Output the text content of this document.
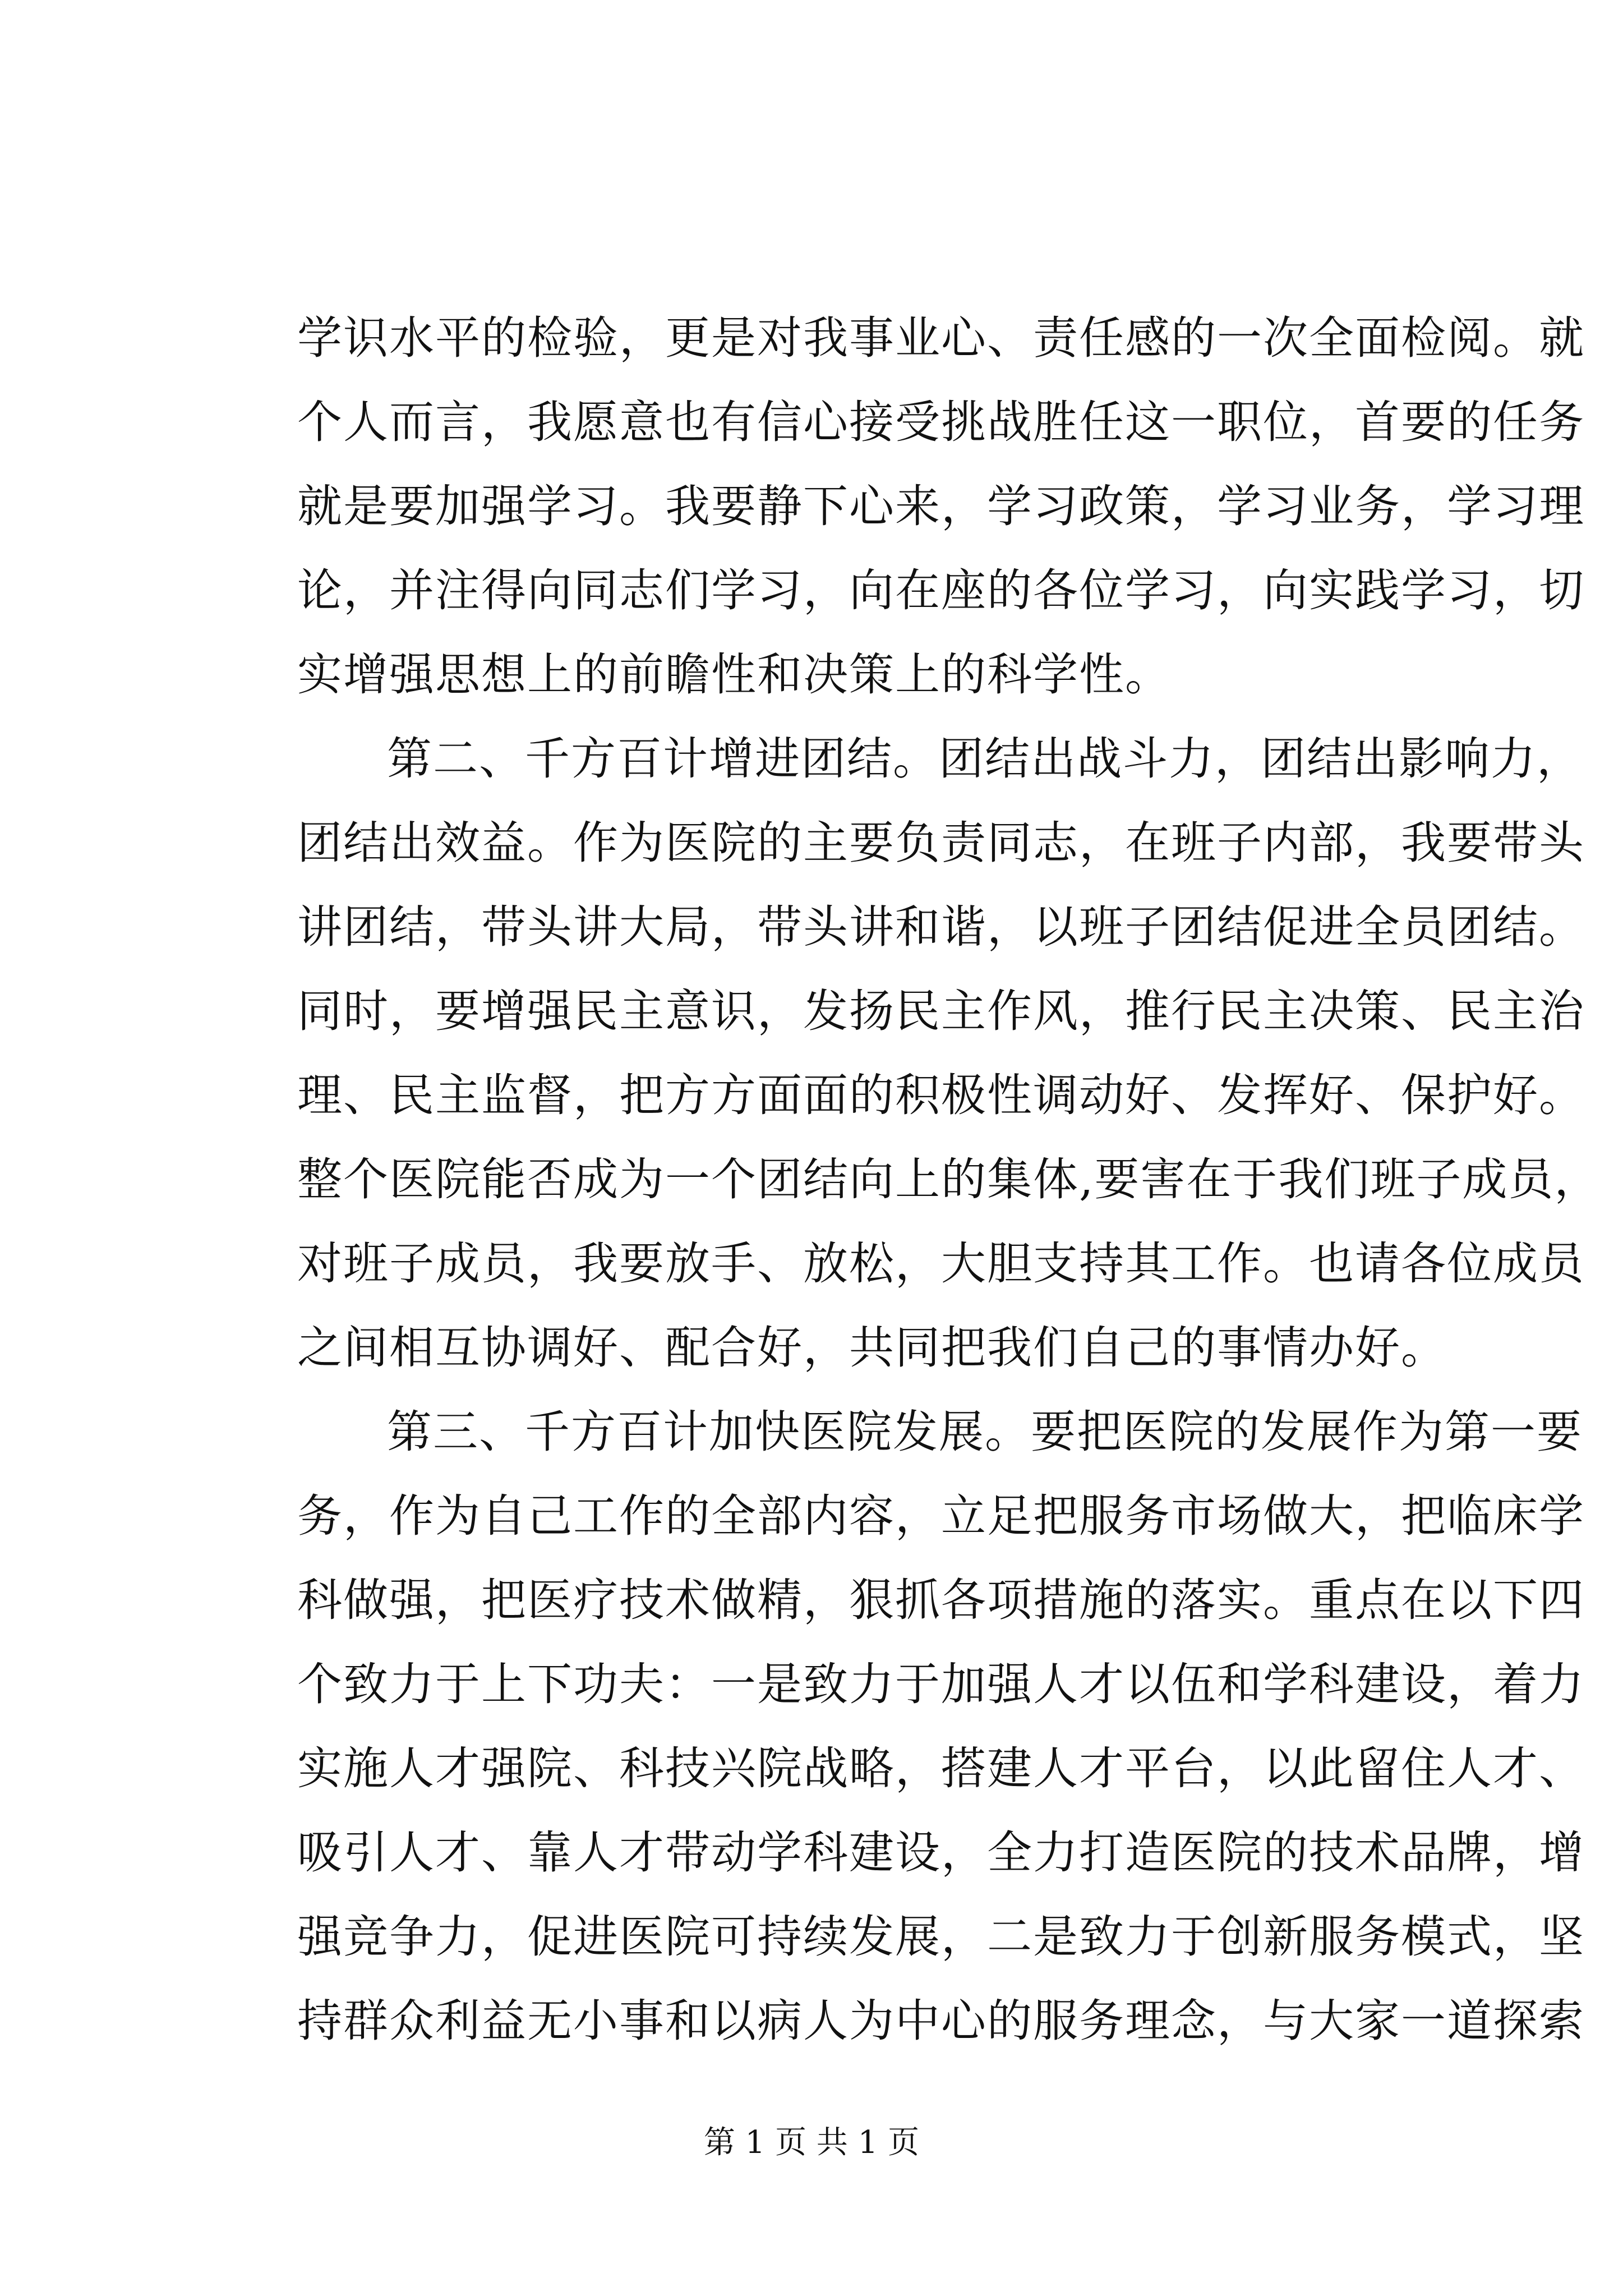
学识水平的检验，更是对我事业心、责任感的一次全面检阅。就
个人而言，我愿意也有信心接受挑战胜任这一职位，首要的任务
就是要加强学习。我要静下心来，学习政策，学习业务，学习理
论，并注得向同志们学习，向在座的各位学习，向实践学习，切
实增强思想上的前瞻性和决策上的科学性。
第二、千方百计增进团结。团结出战斗力，团结出影响力，
团结出效益。作为医院的主要负责同志，在班子内部，我要带头
讲团结，带头讲大局，带头讲和谐，以班子团结促进全员团结。
同时，要增强民主意识，发扬民主作风，推行民主决策、民主治
理、民主监督，把方方面面的积极性调动好、发挥好、保护好。
整个医院能否成为一个团结向上的集体,要害在于我们班子成员，
对班子成员，我要放手、放松，大胆支持其工作。也请各位成员
之间相互协调好、配合好，共同把我们自己的事情办好。
第三、千方百计加快医院发展。要把医院的发展作为第一要
务，作为自己工作的全部内容，立足把服务市场做大，把临床学
科做强，把医疗技术做精，狠抓各项措施的落实。重点在以下四
个致力于上下功夫：一是致力于加强人才以伍和学科建设，着力
实施人才强院、科技兴院战略，搭建人才平台，以此留住人才、
吸引人才、靠人才带动学科建设，全力打造医院的技术品牌，增
强竞争力，促进医院可持续发展，二是致力于创新服务模式，坚
持群众利益无小事和以病人为中心的服务理念，与大家一道探索
第 1 页 共 1 页
